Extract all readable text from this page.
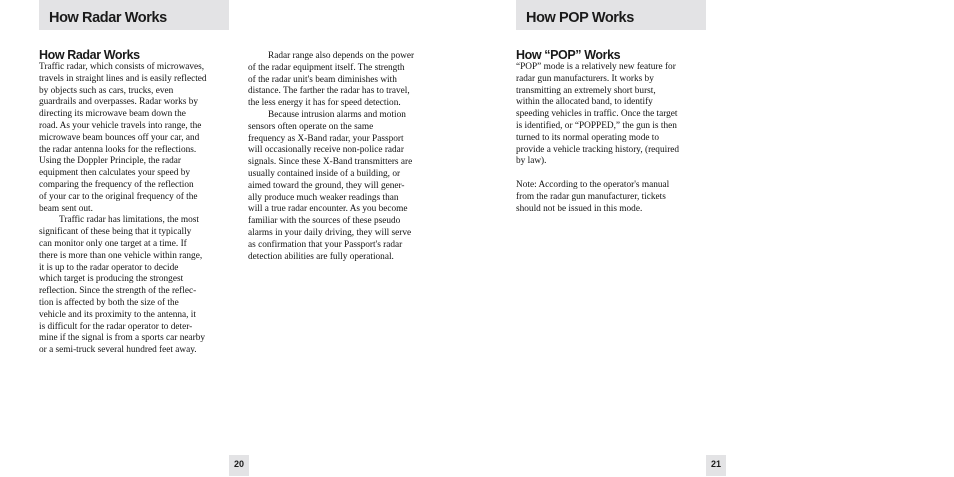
How Radar Works	How POP Works
How Radar Works
Traffic radar, which consists of microwaves,
travels in straight lines and is easily reflected
by objects such as cars, trucks, even
guardrails and overpasses. Radar works by
directing its microwave beam down the
road. As your vehicle travels into range, the
microwave beam bounces off your car, and
the radar antenna looks for the reflections.
Using the Doppler Principle, the radar
equipment then calculates your speed by
comparing the frequency of the reflection
of your car to the original frequency of the
beam sent out.
Traffic radar has limitations, the most
significant of these being that it typically
can monitor only one target at a time. If
there is more than one vehicle within range,
it is up to the radar operator to decide
which target is producing the strongest
reflection. Since the strength of the reflec-
tion is affected by both the size of the
vehicle and its proximity to the antenna, it
is difficult for the radar operator to deter-
mine if the signal is from a sports car nearby
or a semi-truck several hundred feet away.
Radar range also depends on the power
of the radar equipment itself. The strength
of the radar unit's beam diminishes with
distance. The farther the radar has to travel,
the less energy it has for speed detection.
Because intrusion alarms and motion
sensors often operate on the same
frequency as X-Band radar, your Passport
will occasionally receive non-police radar
signals. Since these X-Band transmitters are
usually contained inside of a building, or
aimed toward the ground, they will gener-
ally produce much weaker readings than
will a true radar encounter. As you become
familiar with the sources of these pseudo
alarms in your daily driving, they will serve
as confirmation that your Passport's radar
detection abilities are fully operational.
How “POP” Works
“POP” mode is a relatively new feature for
radar gun manufacturers. It works by
transmitting an extremely short burst,
within the allocated band, to identify
speeding vehicles in traffic. Once the target
is identified, or “POPPED,” the gun is then
turned to its normal operating mode to
provide a vehicle tracking history, (required
by law).
Note: According to the operator's manual
from the radar gun manufacturer, tickets
should not be issued in this mode.
20	21
